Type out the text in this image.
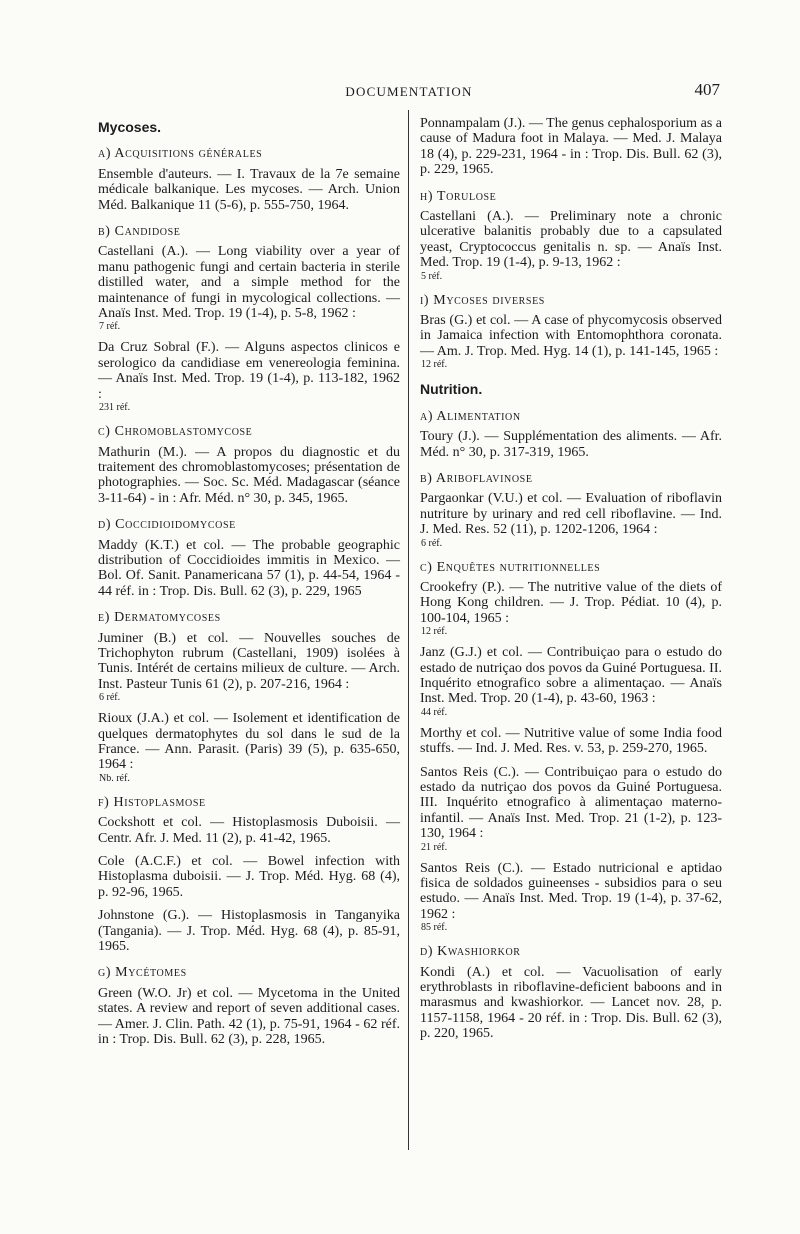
DOCUMENTATION	407
Mycoses.
a) Acquisitions générales
Ensemble d'auteurs. — I. Travaux de la 7e semaine médicale balkanique. Les mycoses. — Arch. Union Méd. Balkanique 11 (5-6), p. 555-750, 1964.
b) Candidose
Castellani (A.). — Long viability over a year of manu pathogenic fungi and certain bacteria in sterile distilled water, and a simple method for the maintenance of fungi in mycological collections. — Anaïs Inst. Med. Trop. 19 (1-4), p. 5-8, 1962 :
7 réf.
Da Cruz Sobral (F.). — Alguns aspectos clinicos e serologico da candidiase em venereologia feminina. — Anaïs Inst. Med. Trop. 19 (1-4), p. 113-182, 1962 :
231 réf.
c) Chromoblastomycose
Mathurin (M.). — A propos du diagnostic et du traitement des chromoblastomycoses; présentation de photographies. — Soc. Sc. Méd. Madagascar (séance 3-11-64) - in : Afr. Méd. n° 30, p. 345, 1965.
d) Coccidioidomycose
Maddy (K.T.) et col. — The probable geographic distribution of Coccidioides immitis in Mexico. — Bol. Of. Sanit. Panamericana 57 (1), p. 44-54, 1964 - 44 réf. in : Trop. Dis. Bull. 62 (3), p. 229, 1965
e) Dermatomycoses
Juminer (B.) et col. — Nouvelles souches de Trichophyton rubrum (Castellani, 1909) isolées à Tunis. Intérét de certains milieux de culture. — Arch. Inst. Pasteur Tunis 61 (2), p. 207-216, 1964 :
6 réf.
Rioux (J.A.) et col. — Isolement et identification de quelques dermatophytes du sol dans le sud de la France. — Ann. Parasit. (Paris) 39 (5), p. 635-650, 1964 :
Nb. réf.
f) Histoplasmose
Cockshott et col. — Histoplasmosis Duboisii. — Centr. Afr. J. Med. 11 (2), p. 41-42, 1965.
Cole (A.C.F.) et col. — Bowel infection with Histoplasma duboisii. — J. Trop. Méd. Hyg. 68 (4), p. 92-96, 1965.
Johnstone (G.). — Histoplasmosis in Tanganyika (Tangania). — J. Trop. Méd. Hyg. 68 (4), p. 85-91, 1965.
g) Mycétomes
Green (W.O. Jr) et col. — Mycetoma in the United states. A review and report of seven additional cases. — Amer. J. Clin. Path. 42 (1), p. 75-91, 1964 - 62 réf. in : Trop. Dis. Bull. 62 (3), p. 228, 1965.
Ponnampalam (J.). — The genus cephalosporium as a cause of Madura foot in Malaya. — Med. J. Malaya 18 (4), p. 229-231, 1964 - in : Trop. Dis. Bull. 62 (3), p. 229, 1965.
h) Torulose
Castellani (A.). — Preliminary note a chronic ulcerative balanitis probably due to a capsulated yeast, Cryptococcus genitalis n. sp. — Anaïs Inst. Med. Trop. 19 (1-4), p. 9-13, 1962 :
5 réf.
i) Mycoses diverses
Bras (G.) et col. — A case of phycomycosis observed in Jamaica infection with Entomophthora coronata. — Am. J. Trop. Med. Hyg. 14 (1), p. 141-145, 1965 :
12 réf.
Nutrition.
a) Alimentation
Toury (J.). — Supplémentation des aliments. — Afr. Méd. n° 30, p. 317-319, 1965.
b) Ariboflavinose
Pargaonkar (V.U.) et col. — Evaluation of riboflavin nutriture by urinary and red cell riboflavine. — Ind. J. Med. Res. 52 (11), p. 1202-1206, 1964 :
6 réf.
c) Enquêtes nutritionnelles
Crookefry (P.). — The nutritive value of the diets of Hong Kong children. — J. Trop. Pédiat. 10 (4), p. 100-104, 1965 :
12 réf.
Janz (G.J.) et col. — Contribuiçao para o estudo do estado de nutriçao dos povos da Guiné Portuguesa. II. Inquérito etnografico sobre a alimentaçao. — Anaïs Inst. Med. Trop. 20 (1-4), p. 43-60, 1963 :
44 réf.
Morthy et col. — Nutritive value of some India food stuffs. — Ind. J. Med. Res. v. 53, p. 259-270, 1965.
Santos Reis (C.). — Contribuiçao para o estudo do estado da nutriçao dos povos da Guiné Portuguesa. III. Inquérito etnografico à alimentaçao materno-infantil. — Anaïs Inst. Med. Trop. 21 (1-2), p. 123-130, 1964 :
21 réf.
Santos Reis (C.). — Estado nutricional e aptidao fisica de soldados guineenses - subsidios para o seu estudo. — Anaïs Inst. Med. Trop. 19 (1-4), p. 37-62, 1962 :
85 réf.
d) Kwashiorkor
Kondi (A.) et col. — Vacuolisation of early erythroblasts in riboflavine-deficient baboons and in marasmus and kwashiorkor. — Lancet nov. 28, p. 1157-1158, 1964 - 20 réf. in : Trop. Dis. Bull. 62 (3), p. 220, 1965.
